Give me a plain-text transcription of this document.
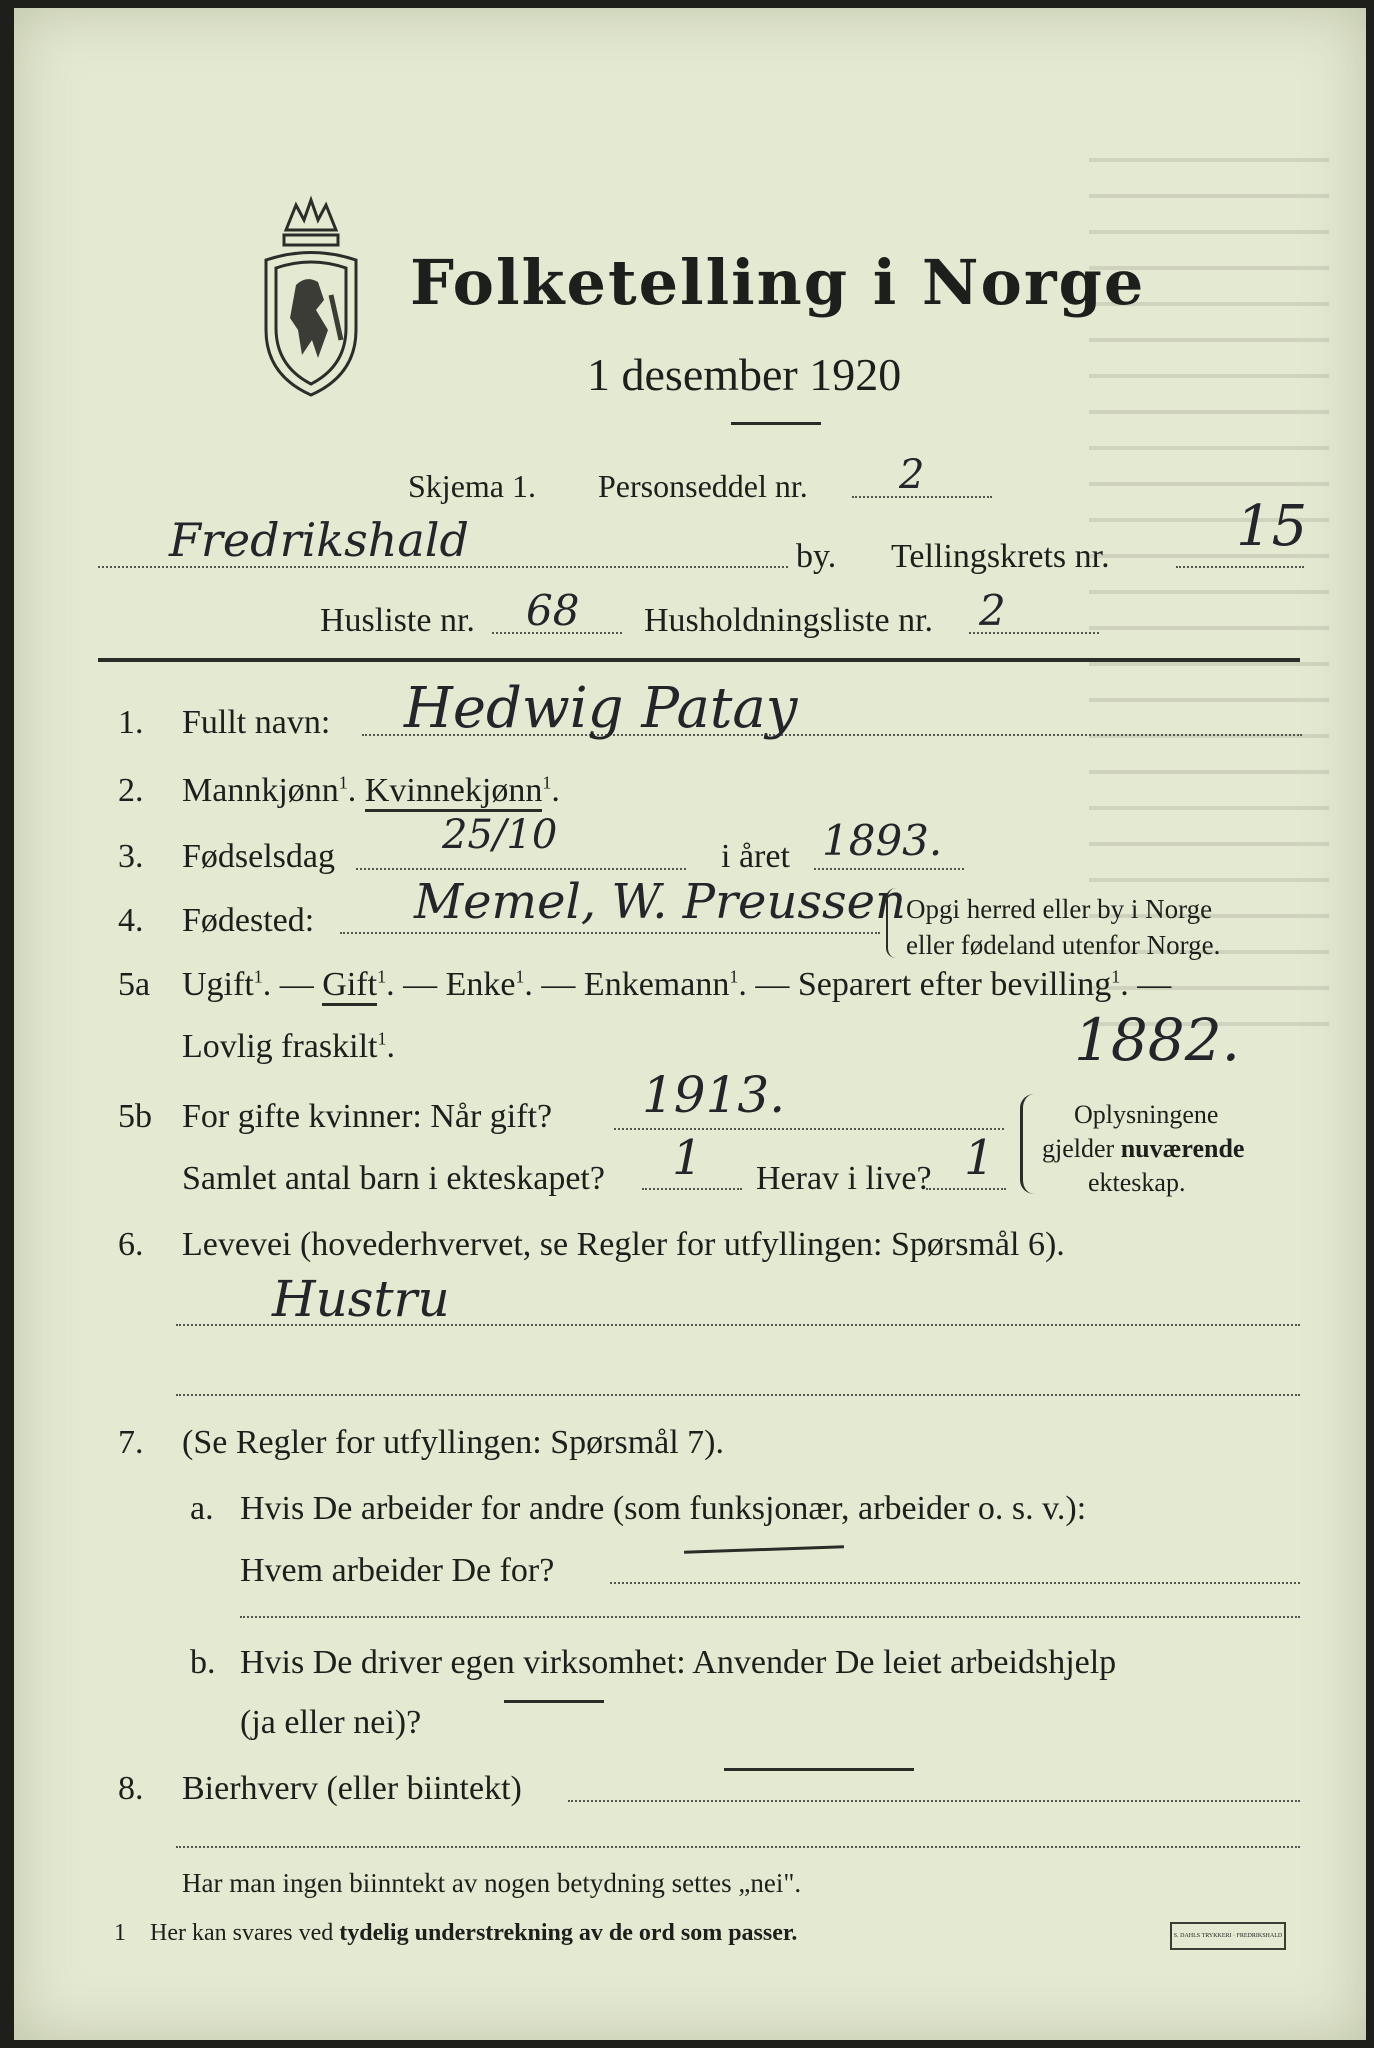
Folketelling i Norge
1 desember 1920
Skjema 1. Personseddel nr. 2
Fredrikshald	by. Tellingskrets nr. 15
Husliste nr. 68 Husholdningsliste nr. 2
1. Fullt navn: Hedwig Patay
2. Mannkjønn$^1$. Kvinnekjønn$^1$.
3. Fødselsdag	25/10	i året 1893.
4. Fødested: Memel, W. Preussen Opgi herred eller by i Norge
eller fødeland utenfor Norge.
5a Ugift$^1$. — Gift$^1$. — Enke$^1$. — Enkemann$^1$. — Separert efter bevilling$^1$. —
Lovlig fraskilt$^1$.	1882.
5b For gifte kvinner: Når gift? 1913.
Samlet antal barn i ekteskapet? 1 Herav i live? 1
Oplysningene
gjelder nuværende
ekteskap.
6. Levevei (hovederhvervet, se Regler for utfyllingen: Spørsmål 6).
Hustru
7. (Se Regler for utfyllingen: Spørsmål 7).
a. Hvis De arbeider for andre (som funksjonær, arbeider o. s. v.):
Hvem arbeider De for?
b. Hvis De driver egen virksomhet: Anvender De leiet arbeidshjelp
(ja eller nei)?
8. Bierhverv (eller biintekt)
Har man ingen biinntekt av nogen betydning settes „nei".
1 Her kan svares ved tydelig understrekning av de ord som passer.	S. DAHLS TRYKKERI · FREDRIKSHALD
